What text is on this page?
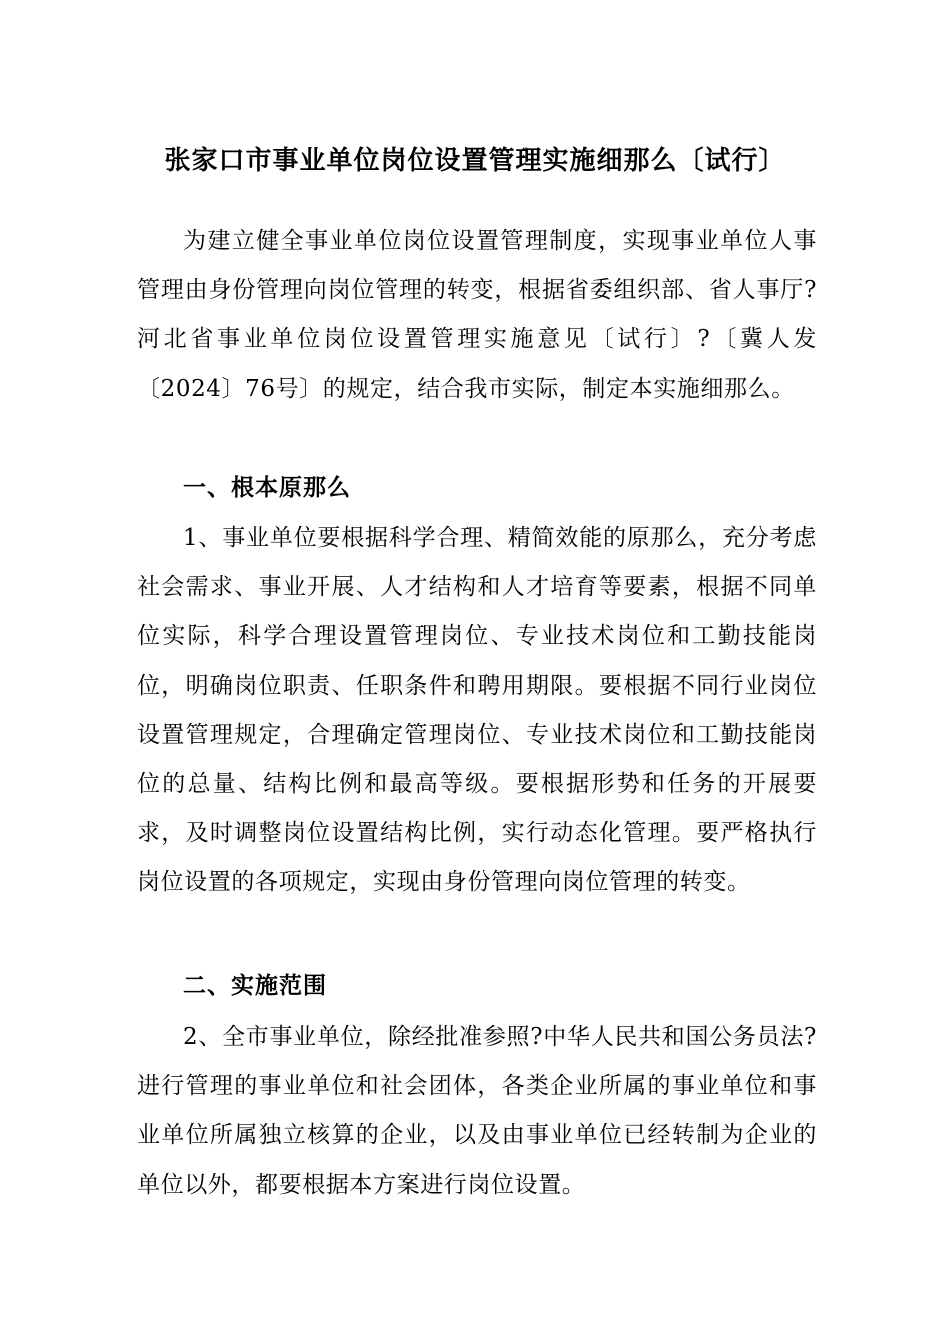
张家口市事业单位岗位设置管理实施细那么〔试行〕

为建立健全事业单位岗位设置管理制度，实现事业单位人事管理由身份管理向岗位管理的转变，根据省委组织部、省人事厅?河北省事业单位岗位设置管理实施意见〔试行〕?〔冀人发〔2024〕76号〕的规定，结合我市实际，制定本实施细那么。

一、根本原那么

1、事业单位要根据科学合理、精简效能的原那么，充分考虑社会需求、事业开展、人才结构和人才培育等要素，根据不同单位实际，科学合理设置管理岗位、专业技术岗位和工勤技能岗位，明确岗位职责、任职条件和聘用期限。要根据不同行业岗位设置管理规定，合理确定管理岗位、专业技术岗位和工勤技能岗位的总量、结构比例和最高等级。要根据形势和任务的开展要求，及时调整岗位设置结构比例，实行动态化管理。要严格执行岗位设置的各项规定，实现由身份管理向岗位管理的转变。

二、实施范围

2、全市事业单位，除经批准参照?中华人民共和国公务员法?进行管理的事业单位和社会团体，各类企业所属的事业单位和事业单位所属独立核算的企业，以及由事业单位已经转制为企业的单位以外，都要根据本方案进行岗位设置。
